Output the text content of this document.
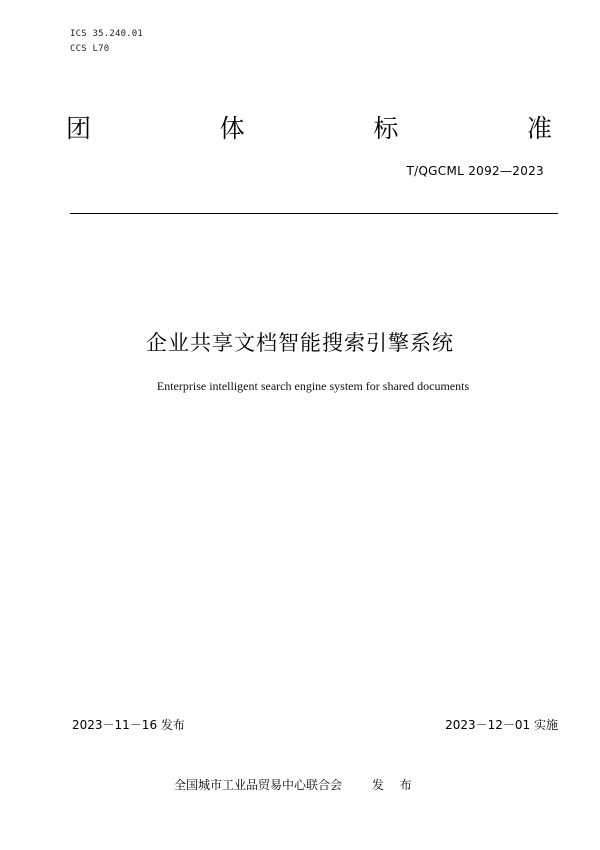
ICS 35.240.01
CCS L70
团	体	标	准
T/QGCML 2092—2023
企业共享文档智能搜索引擎系统
Enterprise intelligent search engine system for shared documents
2023－11－16 发布	2023－12－01 实施
全国城市工业品贸易中心联合会 发 布
